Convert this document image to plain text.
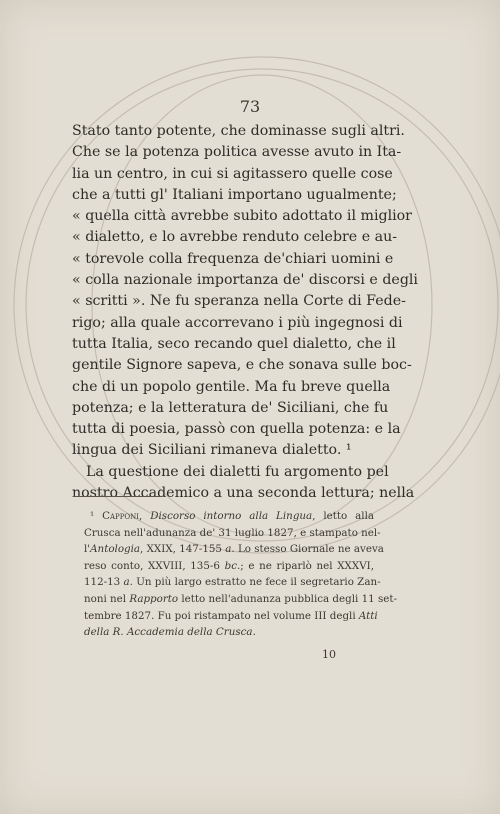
73
Stato tanto potente, che dominasse sugli altri.
Che se la potenza politica avesse avuto in Ita-
lia un centro, in cui si agitassero quelle cose
che a tutti gl' Italiani importano ugualmente;
« quella città avrebbe subito adottato il miglior
« dialetto, e lo avrebbe renduto celebre e au-
« torevole colla frequenza de'chiari uomini e
« colla nazionale importanza de' discorsi e degli
« scritti ». Ne fu speranza nella Corte di Fede-
rigo; alla quale accorrevano i più ingegnosi di
tutta Italia, seco recando quel dialetto, che il
gentile Signore sapeva, e che sonava sulle boc-
che di un popolo gentile. Ma fu breve quella
potenza; e la letteratura de' Siciliani, che fu
tutta di poesia, passò con quella potenza: e la
lingua dei Siciliani rimaneva dialetto. ¹
La questione dei dialetti fu argomento pel
nostro Accademico a una seconda lettura; nella
¹ Capponi, Discorso intorno alla Lingua, letto alla
Crusca nell'adunanza de' 31 luglio 1827, e stampato nel-
l'Antologia, XXIX, 147-155 a. Lo stesso Giornale ne aveva
reso conto, XXVIII, 135-6 bc.; e ne riparlò nel XXXVI,
112-13 a. Un più largo estratto ne fece il segretario Zan-
noni nel Rapporto letto nell'adunanza pubblica degli 11 set-
tembre 1827. Fu poi ristampato nel volume III degli Atti
della R. Accademia della Crusca.
10
